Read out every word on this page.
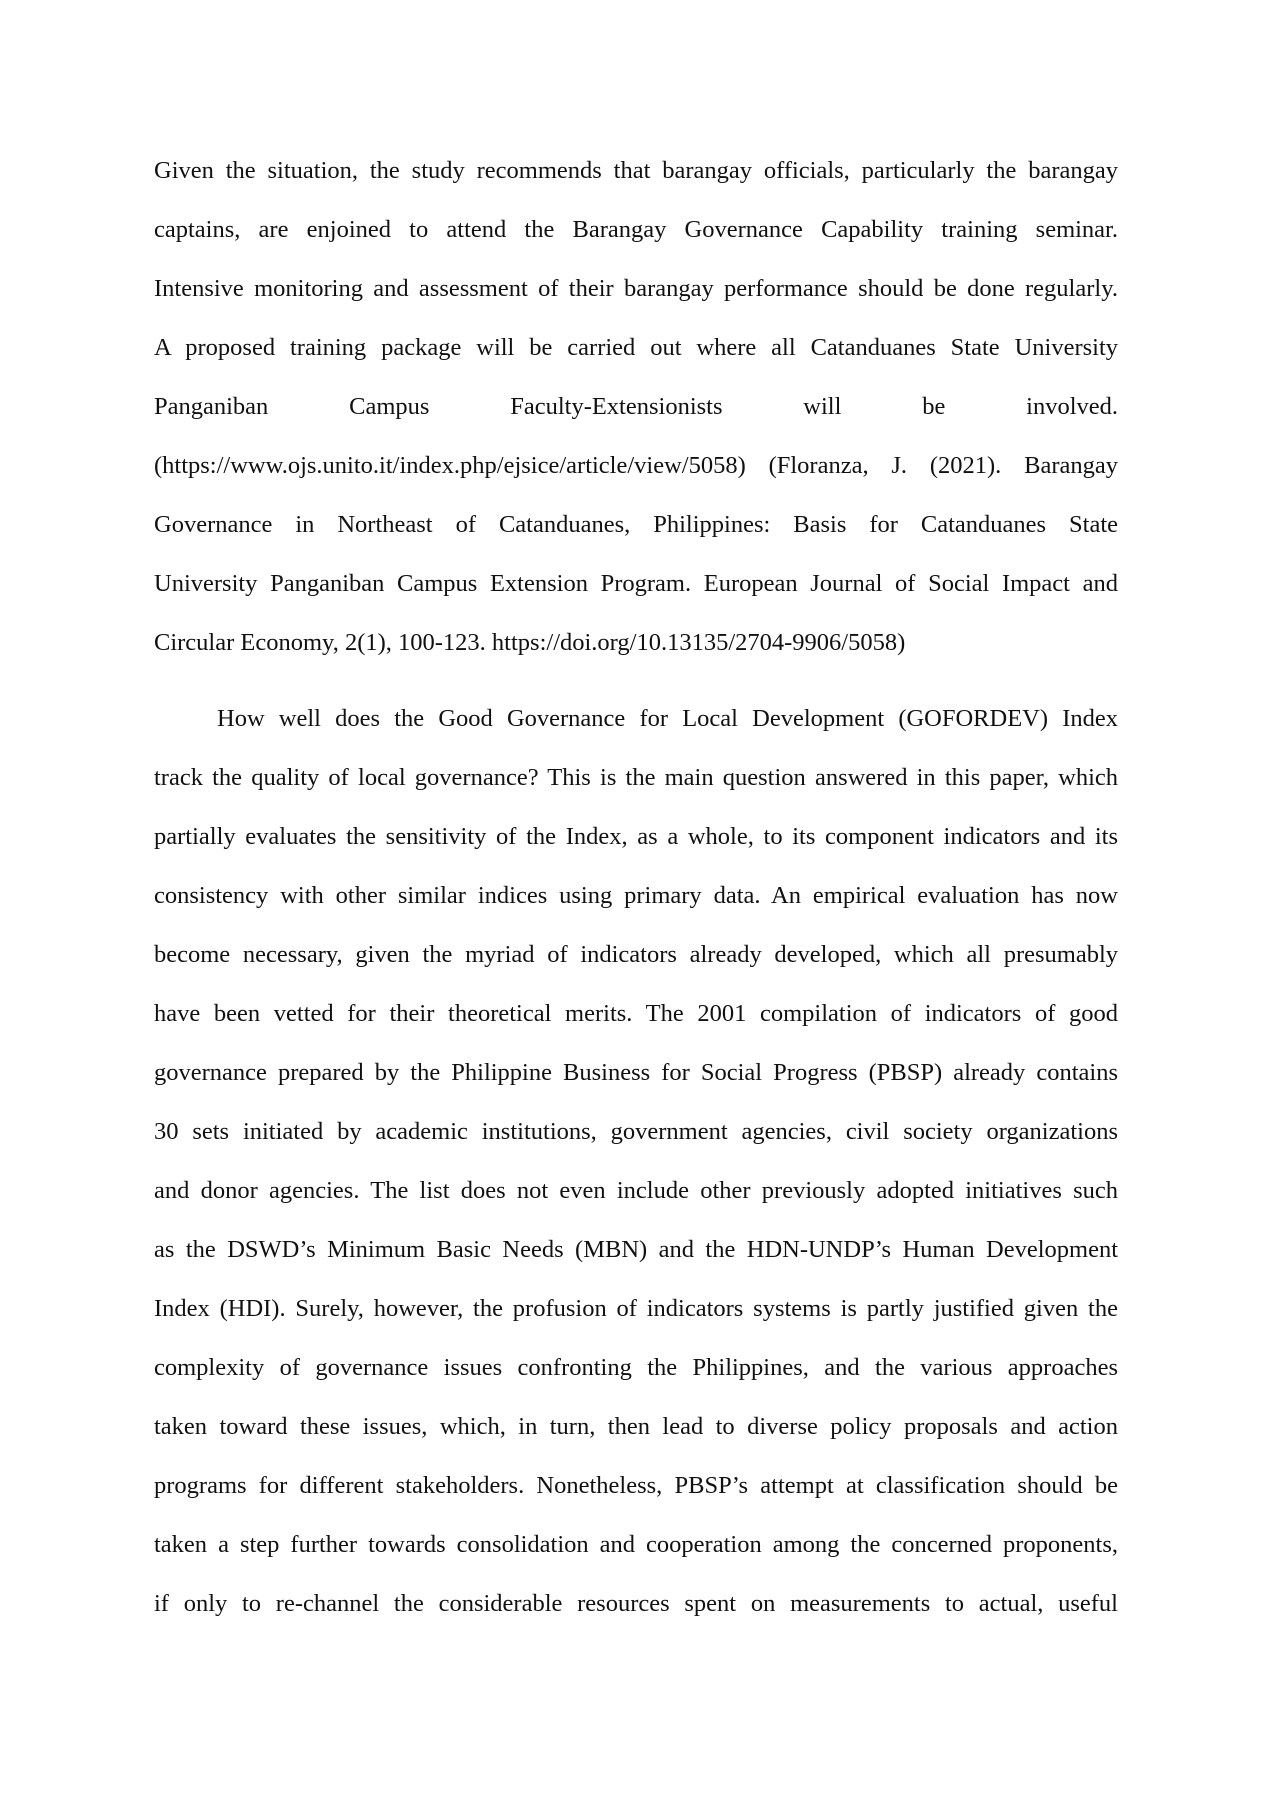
Given the situation, the study recommends that barangay officials, particularly the barangay
captains, are enjoined to attend the Barangay Governance Capability training seminar.
Intensive monitoring and assessment of their barangay performance should be done regularly.
A proposed training package will be carried out where all Catanduanes State University
Panganiban Campus Faculty-Extensionists will be involved.
(https://www.ojs.unito.it/index.php/ejsice/article/view/5058) (Floranza, J. (2021). Barangay
Governance in Northeast of Catanduanes, Philippines: Basis for Catanduanes State
University Panganiban Campus Extension Program. European Journal of Social Impact and
Circular Economy, 2(1), 100-123. https://doi.org/10.13135/2704-9906/5058)
How well does the Good Governance for Local Development (GOFORDEV) Index
track the quality of local governance? This is the main question answered in this paper, which
partially evaluates the sensitivity of the Index, as a whole, to its component indicators and its
consistency with other similar indices using primary data. An empirical evaluation has now
become necessary, given the myriad of indicators already developed, which all presumably
have been vetted for their theoretical merits. The 2001 compilation of indicators of good
governance prepared by the Philippine Business for Social Progress (PBSP) already contains
30 sets initiated by academic institutions, government agencies, civil society organizations
and donor agencies. The list does not even include other previously adopted initiatives such
as the DSWD’s Minimum Basic Needs (MBN) and the HDN-UNDP’s Human Development
Index (HDI). Surely, however, the profusion of indicators systems is partly justified given the
complexity of governance issues confronting the Philippines, and the various approaches
taken toward these issues, which, in turn, then lead to diverse policy proposals and action
programs for different stakeholders. Nonetheless, PBSP’s attempt at classification should be
taken a step further towards consolidation and cooperation among the concerned proponents,
if only to re-channel the considerable resources spent on measurements to actual, useful
